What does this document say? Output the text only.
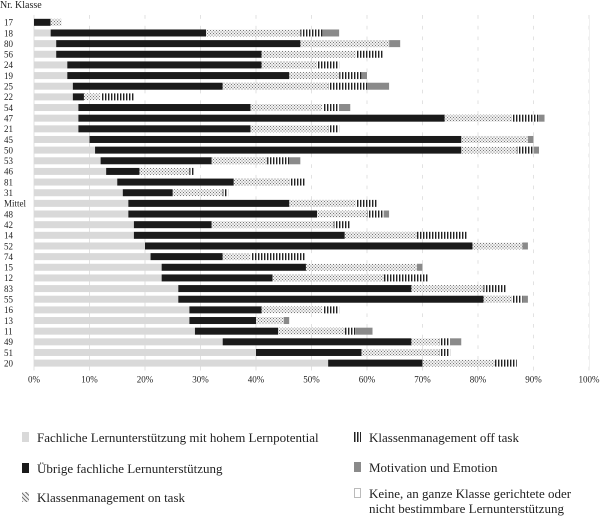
17
18
80
56
24
19
25
22
54
47
21
45
50
53
46
81
31
Mittel
48
42
14
52
74
15
12
83
55
16
13
11
49
51
20
0%	10%	20%	30%	40%	50%	60%	70%	80%	90%	100%
Nr. Klasse
Fachliche Lernunterstützung mit hohem Lernpotential
Übrige fachliche Lernunterstützung
Klassenmanagement on task
Klassenmanagement off task
Motivation und Emotion
Keine, an ganze Klasse gerichtete oder nicht bestimmbare Lernunterstützung
